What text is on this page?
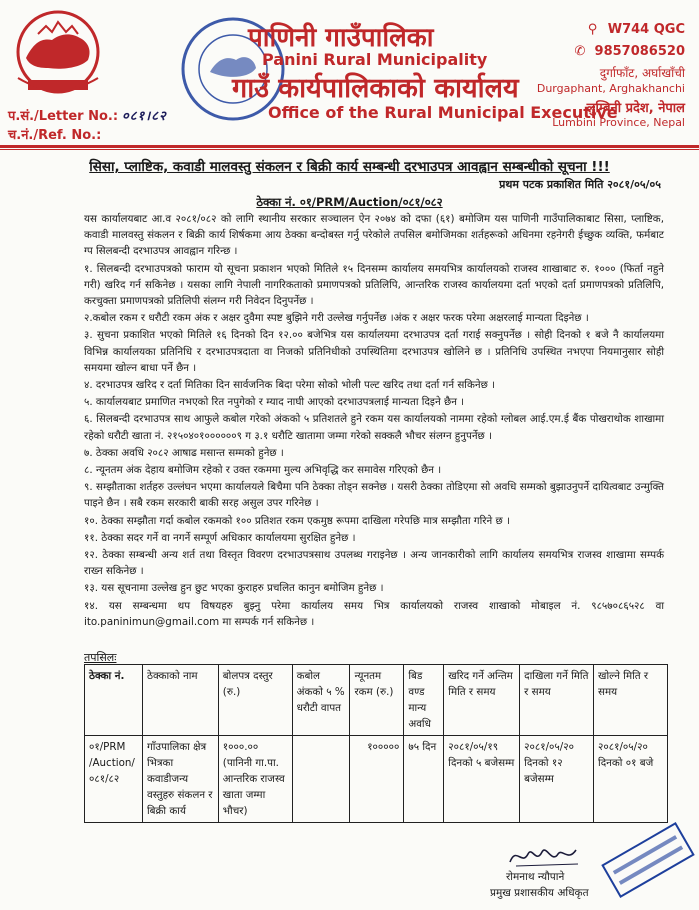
पाणिनी गाउँपालिका
Panini Rural Municipality
गाउँ कार्यपालिकाको कार्यालय
Office of the Rural Municipal Executive
⚲ W744 QGC
✆ 9857086520
दुर्गाफाँट, अर्घाखाँची
Durgaphant, Arghakhanchi
लुम्बिनी प्रदेश, नेपाल
Lumbini Province, Nepal
प.सं./Letter No.: ०८१।८२
च.नं./Ref. No.:
सिसा, प्लाष्टिक, कवाडी मालवस्तु संकलन र बिक्री कार्य सम्बन्धी दरभाउपत्र आवह्वान सम्बन्धीको सूचना !!!
प्रथम पटक प्रकाशित मिति २०८१/०५/०५
ठेक्का नं. ०१/PRM/Auction/०८१/०८२

यस कार्यालयबाट आ.व २०८१/०८२ को लागि स्थानीय सरकार सञ्चालन ऐन २०७४ को दफा (६१) बमोजिम यस पाणिनी गाउँपालिकाबाट सिसा, प्लाष्टिक, कवाडी मालवस्तु संकलन र बिक्री कार्य शिर्षकमा आय ठेक्का बन्दोबस्त गर्नु परेकोले तपसिल बमोजिमका शर्तहरूको अधिनमा रहनेगरी ईच्छुक व्यक्ति, फर्मबाट ग्प सिलबन्दी दरभाउपत्र आवह्वान गरिन्छ ।

१. सिलबन्दी दरभाउपत्रको फाराम यो सूचना प्रकाशन भएको मितिले १५ दिनसम्म कार्यालय समयभित्र कार्यालयको राजस्व शाखाबाट रु. १००० (फिर्ता नहुने गरी) खरिद गर्न सकिनेछ । यसका लागि नेपाली नागरिकताको प्रमाणपत्रको प्रतिलिपि, आन्तरिक राजस्व कार्यालयमा दर्ता भएको दर्ता प्रमाणपत्रको प्रतिलिपि, करचुक्ता प्रमाणपत्रको प्रतिलिपी संलग्न गरी निवेदन दिनुपर्नेछ ।

२.कबोल रकम र धरौटी रकम अंक र अक्षर दुवैमा स्पष्ट बुझिने गरी उल्लेख गर्नुपर्नेछ ।अंक र अक्षर फरक परेमा अक्षरलाई मान्यता दिइनेछ ।

३. सुचना प्रकाशित भएको मितिले १६ दिनको दिन १२.०० बजेभित्र यस कार्यालयमा दरभाउपत्र दर्ता गराई सक्नुपर्नेछ । सोही दिनको १ बजे नै कार्यालयमा विभिन्न कार्यालयका प्रतिनिधि र दरभाउपत्रदाता वा निजको प्रतिनिधीको उपस्थितिमा दरभाउपत्र खोलिने छ । प्रतिनिधि उपस्थित नभएपा नियमानुसार सोही समयमा खोल्न बाधा पर्ने छैन ।

४. दरभाउपत्र खरिद र दर्ता मितिका दिन सार्वजनिक बिदा परेमा सोको भोली पल्ट खरिद तथा दर्ता गर्न सकिनेछ ।

५. कार्यालयबाट प्रमाणित नभएको रित नपुगेको र म्याद नाघी आएको दरभाउपत्रलाई मान्यता दिइने छैन ।

६. सिलबन्दी दरभाउपत्र साथ आफुले कबोल गरेको अंकको ५ प्रतिशतले हुने रकम यस कार्यालयको नाममा रहेको ग्लोबल आई.एम.ई बैंक पोखराथोक शाखामा रहेको धरौटी खाता नं. २१५०४०१००००००९ ग ३.१ धरौटि खातामा जम्मा गरेको सक्कलै भौचर संलग्न हुनुपर्नेछ ।

७. ठेक्का अवधि २०८२ आषाढ मसान्त सम्मको हुनेछ ।

८. न्यूनतम अंक देहाय बमोजिम रहेको र उक्त रकममा मुल्य अभिवृद्धि कर समावेस गरिएको छैन ।

९. सम्झौताका शर्तहरु उल्लंघन भएमा कार्यालयले बिचैमा पनि ठेक्का तोड्न सक्नेछ । यसरी ठेक्का तोडिएमा सो अवधि सम्मको बुझाउनुपर्ने दायित्वबाट उन्मुक्ति पाइने छैन । सबै रकम सरकारी बाकी सरह असुल उपर गरिनेछ ।

१०. ठेक्का सम्झौता गर्दा कबोल रकमको १०० प्रतिशत रकम एकमुष्ठ रूपमा दाखिला गरेपछि मात्र सम्झौता गरिने छ ।

११. ठेक्का सदर गर्ने वा नगर्ने सम्पूर्ण अधिकार कार्यालयमा सुरक्षित हुनेछ ।

१२. ठेक्का सम्बन्धी अन्य शर्त तथा विस्तृत विवरण दरभाउपत्रसाथ उपलब्ध गराइनेछ । अन्य जानकारीको लागि कार्यालय समयभित्र राजस्व शाखामा सम्पर्क राख्न सकिनेछ ।

१३. यस सूचनामा उल्लेख हुन छुट भएका कुराहरु प्रचलित कानुन बमोजिम हुनेछ ।

१४. यस सम्बन्धमा थप विषयहरु बुझ्नु परेमा कार्यालय समय भित्र कार्यालयको राजस्व शाखाको मोबाइल नं. ९८५७०८६५२८ वा ito.paninimun@gmail.com मा सम्पर्क गर्न सकिनेछ ।

तपसिलः
ठेक्का नं.	ठेक्काको नाम	बोलपत्र दस्तुर (रु.)	कबोल अंकको ५ % धरौटी वापत	न्यूनतम रकम (रु.)	बिड वण्ड मान्य अवधि	खरिद गर्ने अन्तिम मिति र समय	दाखिला गर्ने मिति र समय	खोल्ने मिति र समय
०१/PRM /Auction/ ०८१/८२	गाँउपालिका क्षेत्र भित्रका कवाडीजन्य वस्तुहरु संकलन र बिक्री कार्य	१०००.०० (पानिनी गा.पा. आन्तरिक राजस्व खाता जम्मा भौचर)		१०००००	७५ दिन	२०८१/०५/१९ दिनको ५ बजेसम्म	२०८१/०५/२० दिनको १२ बजेसम्म	२०८१/०५/२० दिनको ०१ बजे
रोमनाथ न्यौपाने
प्रमुख प्रशासकीय अधिकृत
